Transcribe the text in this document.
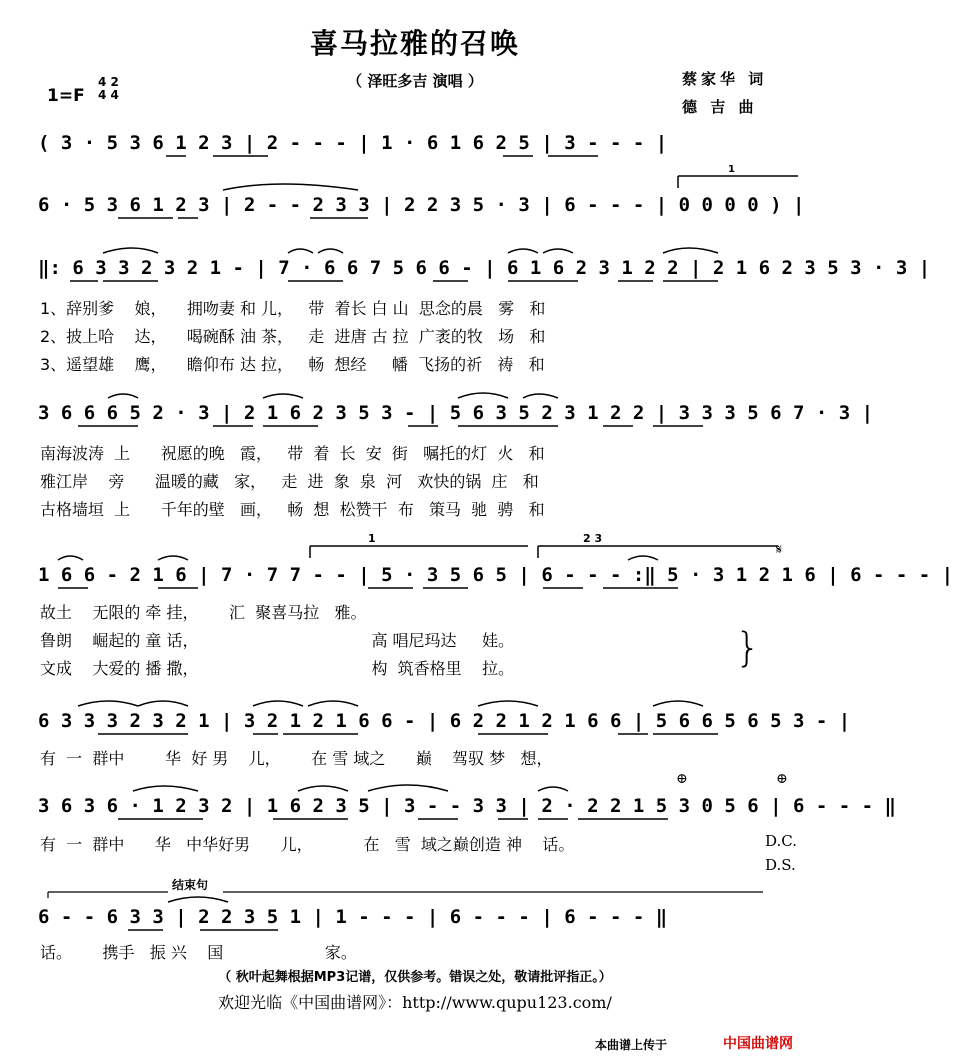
喜马拉雅的召唤
（ 泽旺多吉 演唱 ）	蔡家华 词
德 吉 曲
1=F
4 2
4 4
( 3 · 5 3 6 1 2 3 | 2 - - - | 1 · 6 1 6 2 5 | 3 - - - |
6 · 5 3 6 1 2 3 | 2 - - 2 3 3 | 2 2 3 5 · 3 | 6 - - - | 0 0 0 0 ) |
1
‖: 6 3 3 2 3 2 1 - | 7 · 6 6 7 5 6 6 - | 6 1 6 2 3 1 2 2 | 2 1 6 2 3 5 3 · 3 |
1、辞别爹    娘，    拥吻妻 和 儿，   带  着长 白 山  思念的晨   雾   和
2、披上哈    达，    喝碗酥 油 茶，   走  进唐 古 拉  广袤的牧   场   和
3、遥望雄    鹰，    瞻仰布 达 拉，   畅  想经     幡  飞扬的祈   祷   和
3 6 6 6 5 2 · 3 | 2 1 6 2 3 5 3 - | 5 6 3 5 2 3 1 2 2 | 3 3 3 5 6 7 · 3 |
南海波涛  上      祝愿的晚   霞，   带  着  长  安  街   嘱托的灯  火   和
雅江岸    旁      温暖的藏   家，   走  进  象  泉  河   欢快的锅  庄   和
古格墙垣  上      千年的壁   画，   畅  想  松赞干  布   策马  驰  骋   和
1 6 6 - 2 1 6 | 7 · 7 7 - - | 5 · 3 5 6 5 | 6 - - - :‖ 5 · 3 1 2 1 6 | 6 - - - |
1	2 3
𝄋
故土    无限的 牵 挂，      汇  聚喜马拉   雅。
鲁朗    崛起的 童 话，                                  高 唱尼玛达     娃。
文成    大爱的 播 撒，                                  构  筑香格里    拉。	}
6 3 3 3 2 3 2 1 | 3 2 1 2 1 6 6 - | 6 2 2 1 2 1 6 6 | 5 6 6 5 6 5 3 - |
有  一  群中        华  好 男    儿，      在 雪 域之      巅    驾驭 梦   想，
3 6 3 6 · 1 2 3 2 | 1 6 2 3 5 | 3 - - 3 3 | 2 · 2 2 1 5 3 0 5 6 | 6 - - - ‖
⊕	⊕
有  一  群中      华   中华好男      儿，          在   雪  域之巅创造 神    话。	D.C.
D.S.
结束句
6 - - 6 3 3 | 2 2 3 5 1 | 1 - - - | 6 - - - | 6 - - - ‖
话。      携手   振 兴    国                    家。
（ 秋叶起舞根据MP3记谱，仅供参考。错误之处，敬请批评指正。）
欢迎光临《中国曲谱网》：http://www.qupu123.com/
本曲谱上传于	中国曲谱网
